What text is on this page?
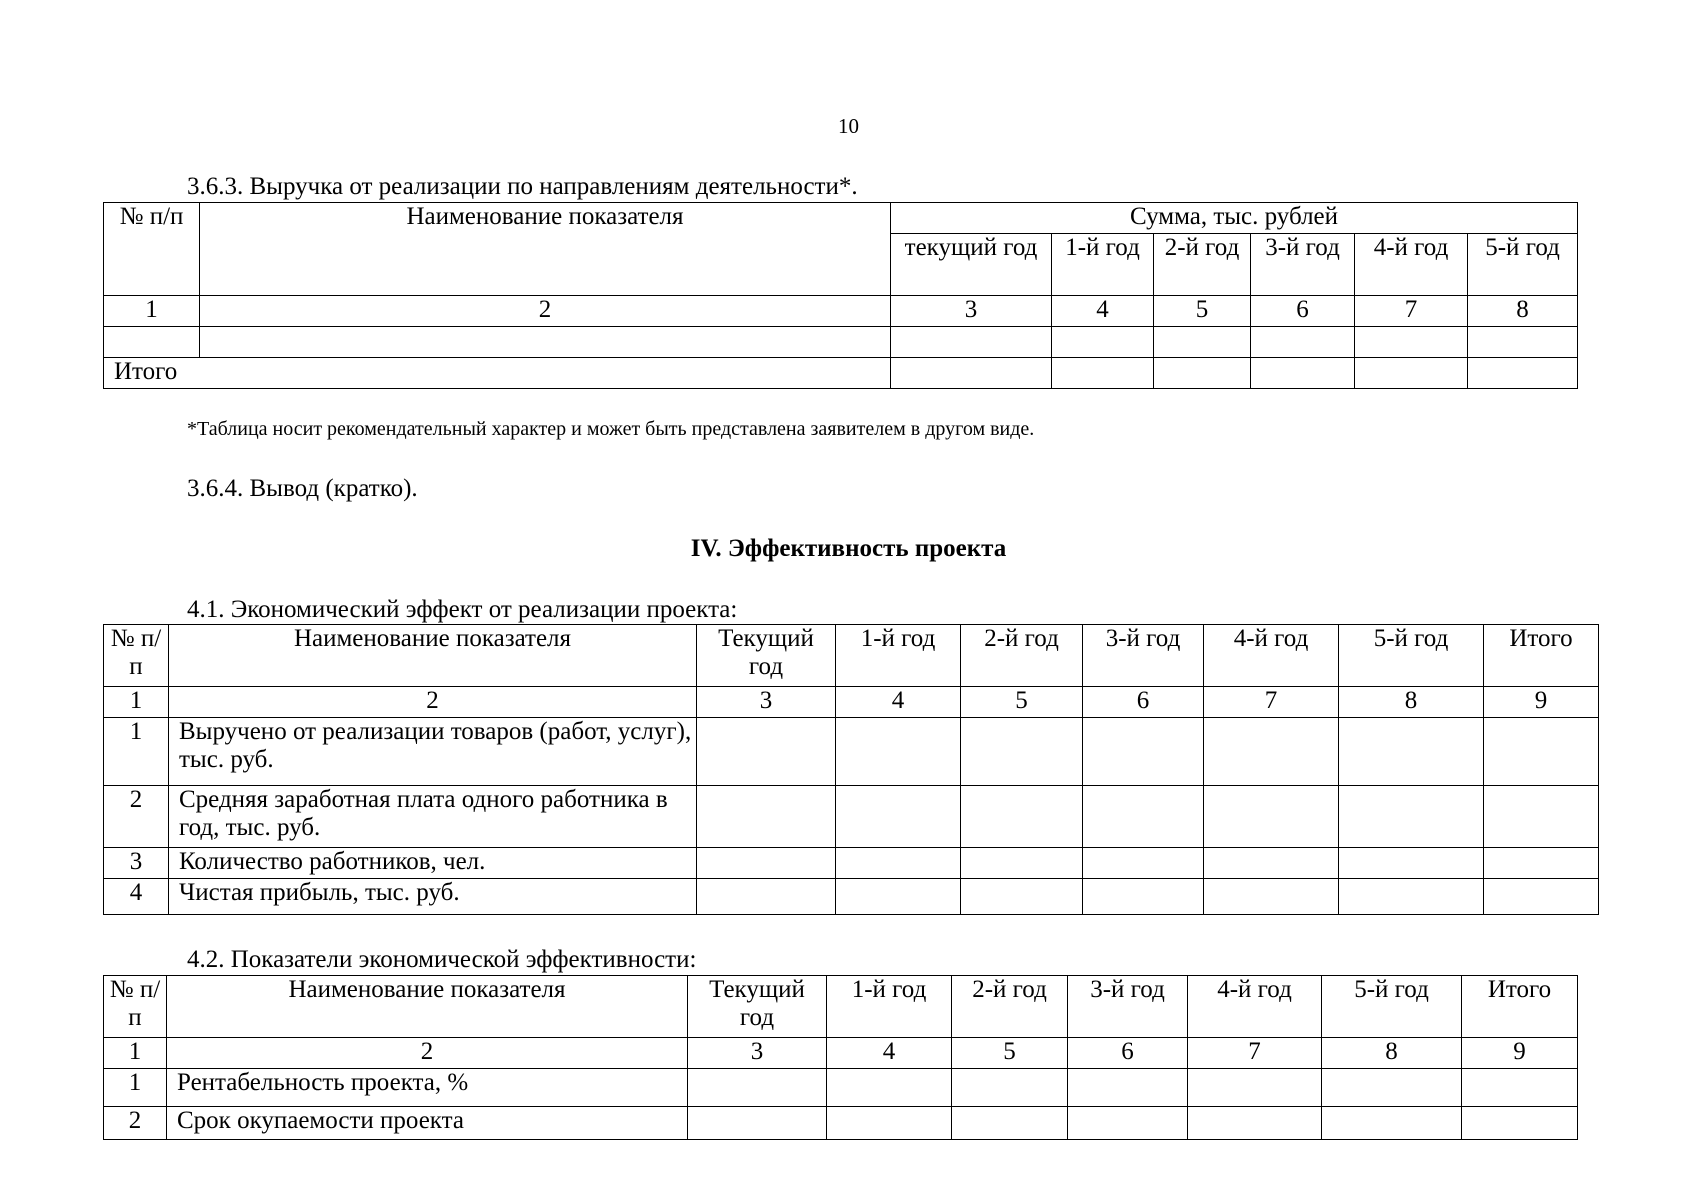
10
3.6.3. Выручка от реализации по направлениям деятельности*.
№ п/п	Наименование показателя	Сумма, тыс. рублей					
		текущий год	1-й год	2-й год	3-й год	4-й год	5-й год
1	2	3	4	5	6	7	8

Итого							
*Таблица носит рекомендательный характер и может быть представлена заявителем в другом виде.
3.6.4. Вывод (кратко).
IV. Эффективность проекта
4.1. Экономический эффект от реализации проекта:
№ п/п	Наименование показателя	Текущий год	1-й год	2-й год	3-й год	4-й год	5-й год	Итого
1	2	3	4	5	6	7	8	9
1	Выручено от реализации товаров (работ, услуг), тыс. руб.							
2	Средняя заработная плата одного работника в год, тыс. руб.							
3	Количество работников, чел.							
4	Чистая прибыль, тыс. руб.							
4.2. Показатели экономической эффективности:
№ п/п	Наименование показателя	Текущий год	1-й год	2-й год	3-й год	4-й год	5-й год	Итого
1	2	3	4	5	6	7	8	9
1	Рентабельность проекта, %							
2	Срок окупаемости проекта							
